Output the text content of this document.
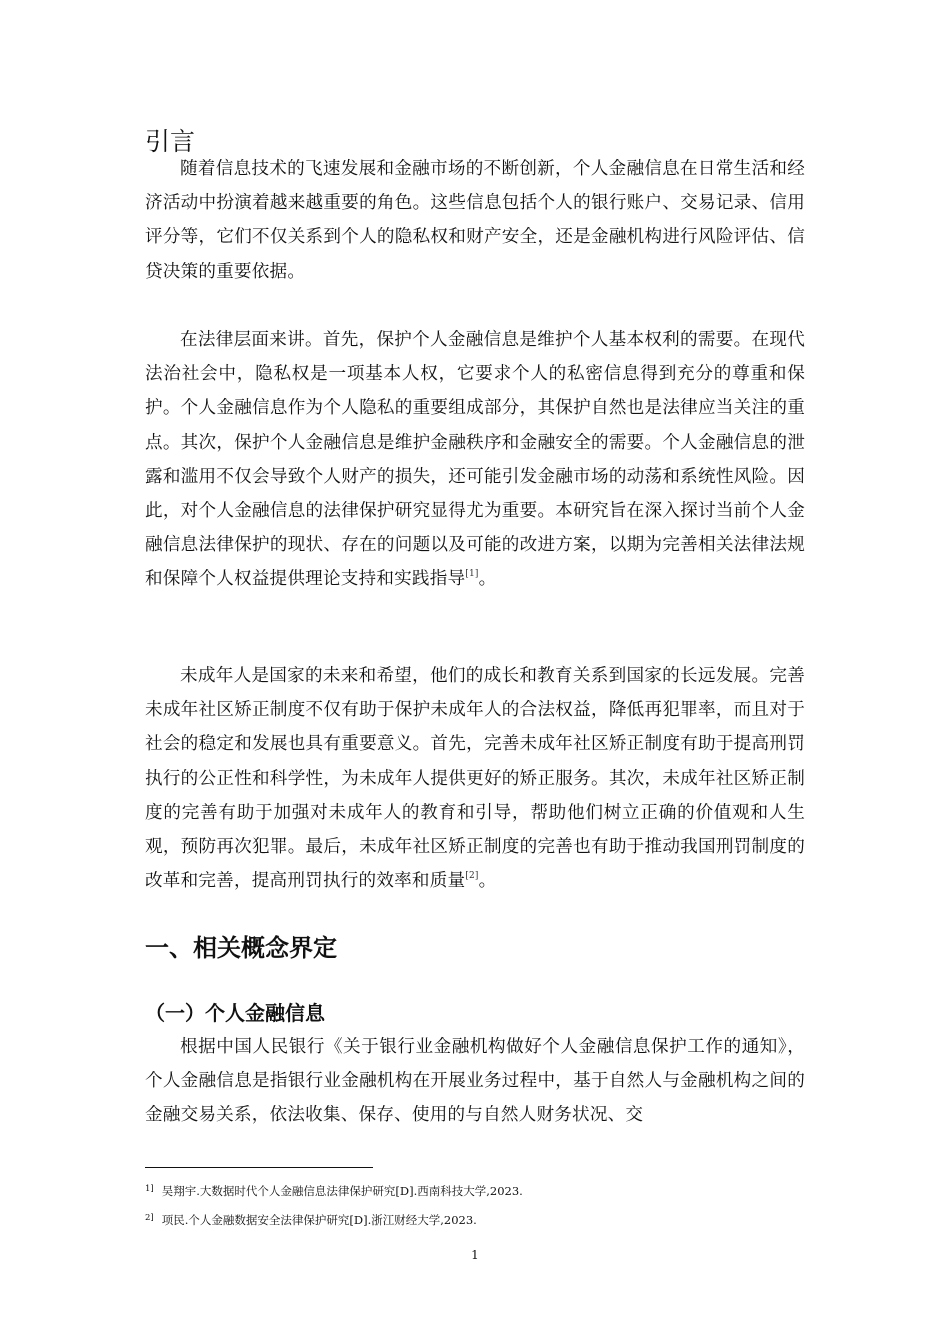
引言

随着信息技术的飞速发展和金融市场的不断创新，个人金融信息在日常生活和经济活动中扮演着越来越重要的角色。这些信息包括个人的银行账户、交易记录、信用评分等，它们不仅关系到个人的隐私权和财产安全，还是金融机构进行风险评估、信贷决策的重要依据。

在法律层面来讲。首先，保护个人金融信息是维护个人基本权利的需要。在现代法治社会中，隐私权是一项基本人权，它要求个人的私密信息得到充分的尊重和保护。个人金融信息作为个人隐私的重要组成部分，其保护自然也是法律应当关注的重点。其次，保护个人金融信息是维护金融秩序和金融安全的需要。个人金融信息的泄露和滥用不仅会导致个人财产的损失，还可能引发金融市场的动荡和系统性风险。因此，对个人金融信息的法律保护研究显得尤为重要。本研究旨在深入探讨当前个人金融信息法律保护的现状、存在的问题以及可能的改进方案，以期为完善相关法律法规和保障个人权益提供理论支持和实践指导[1]。

未成年人是国家的未来和希望，他们的成长和教育关系到国家的长远发展。完善未成年社区矫正制度不仅有助于保护未成年人的合法权益，降低再犯罪率，而且对于社会的稳定和发展也具有重要意义。首先，完善未成年社区矫正制度有助于提高刑罚执行的公正性和科学性，为未成年人提供更好的矫正服务。其次，未成年社区矫正制度的完善有助于加强对未成年人的教育和引导，帮助他们树立正确的价值观和人生观，预防再次犯罪。最后，未成年社区矫正制度的完善也有助于推动我国刑罚制度的改革和完善，提高刑罚执行的效率和质量[2]。

一、相关概念界定
（一）个人金融信息

根据中国人民银行《关于银行业金融机构做好个人金融信息保护工作的通知》，个人金融信息是指银行业金融机构在开展业务过程中，基于自然人与金融机构之间的金融交易关系，依法收集、保存、使用的与自然人财务状况、交

$^{1]}$ 吴翔宇.大数据时代个人金融信息法律保护研究[D].西南科技大学,2023.

$^{2]}$ 项民.个人金融数据安全法律保护研究[D].浙江财经大学,2023.

1
